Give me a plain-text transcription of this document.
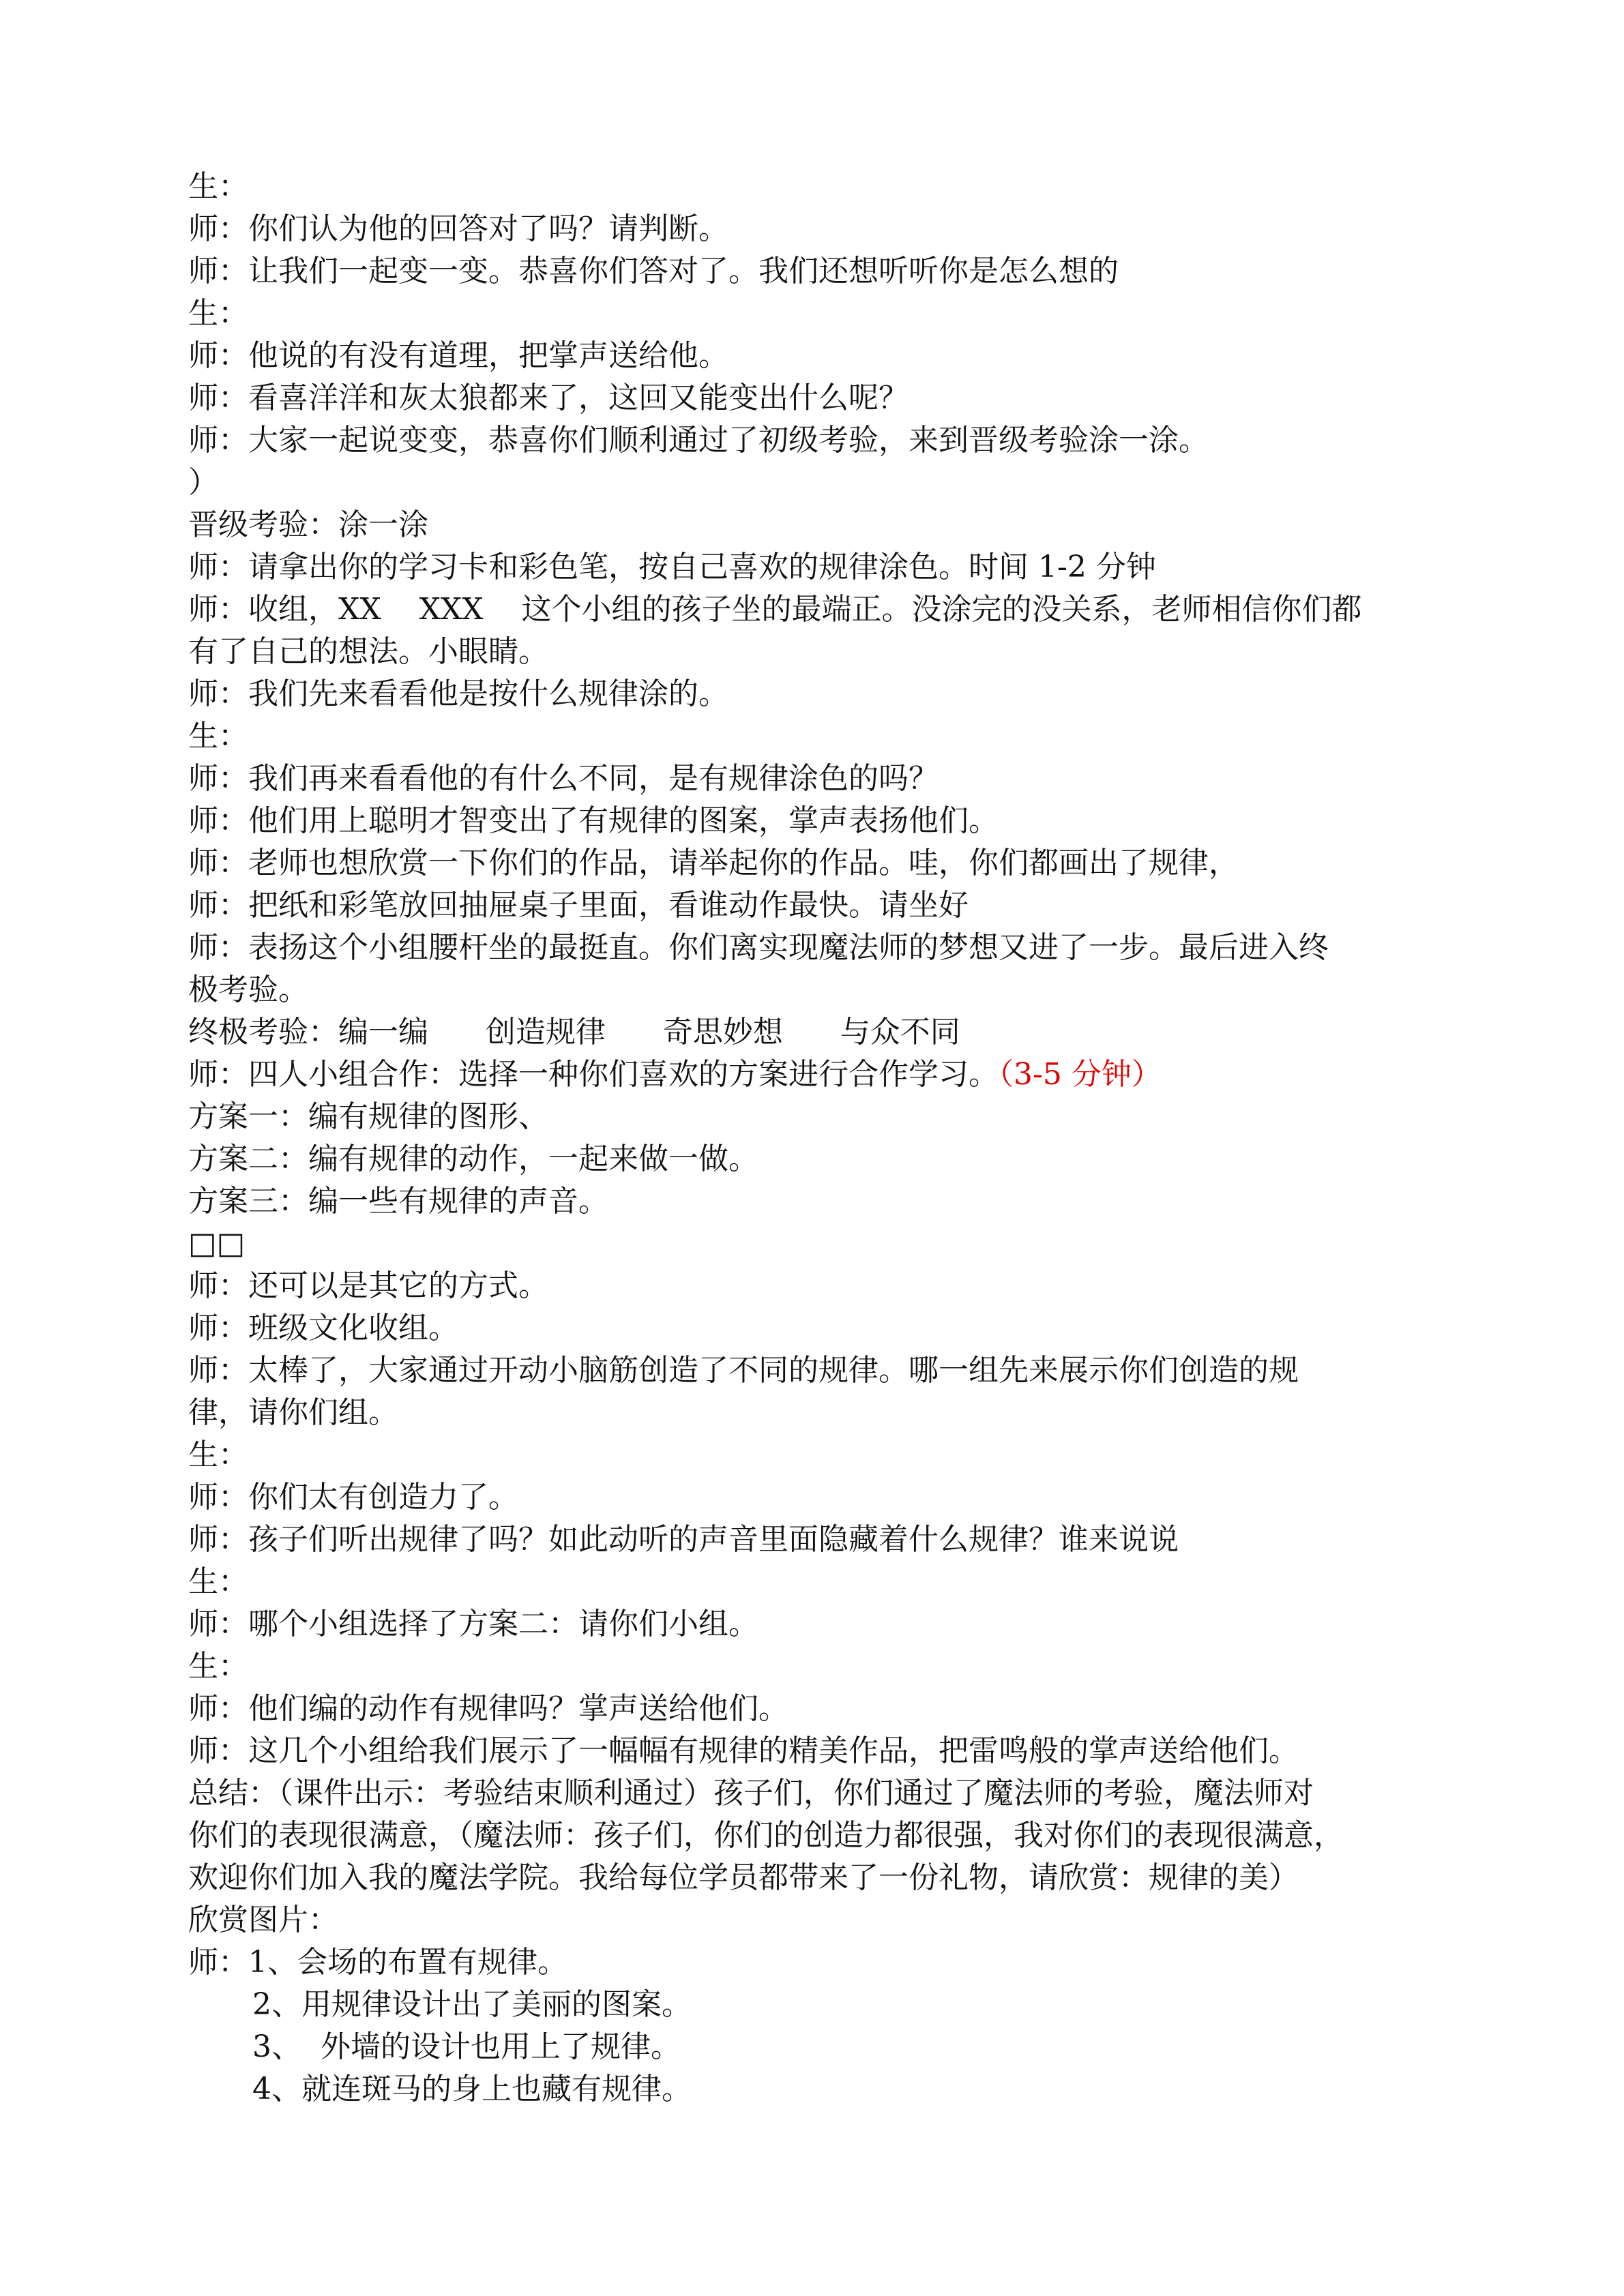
生：
师：你们认为他的回答对了吗？请判断。
师：让我们一起变一变。恭喜你们答对了。我们还想听听你是怎么想的
生：
师：他说的有没有道理，把掌声送给他。
师：看喜洋洋和灰太狼都来了，这回又能变出什么呢？
师：大家一起说变变，恭喜你们顺利通过了初级考验，来到晋级考验涂一涂。
）
晋级考验：涂一涂
师：请拿出你的学习卡和彩色笔，按自己喜欢的规律涂色。时间 1-2 分钟
师：收组，XX    XXX    这个小组的孩子坐的最端正。没涂完的没关系，老师相信你们都
有了自己的想法。小眼睛。
师：我们先来看看他是按什么规律涂的。
生：
师：我们再来看看他的有什么不同，是有规律涂色的吗？
师：他们用上聪明才智变出了有规律的图案，掌声表扬他们。
师：老师也想欣赏一下你们的作品，请举起你的作品。哇，你们都画出了规律，
师：把纸和彩笔放回抽屉桌子里面，看谁动作最快。请坐好
师：表扬这个小组腰杆坐的最挺直。你们离实现魔法师的梦想又进了一步。最后进入终
极考验。
终极考验：编一编      创造规律      奇思妙想      与众不同
师：四人小组合作：选择一种你们喜欢的方案进行合作学习。（3-5 分钟）
方案一：编有规律的图形、
方案二：编有规律的动作，一起来做一做。
方案三：编一些有规律的声音。
□□
师：还可以是其它的方式。
师：班级文化收组。
师：太棒了，大家通过开动小脑筋创造了不同的规律。哪一组先来展示你们创造的规
律，请你们组。
生：
师：你们太有创造力了。
师：孩子们听出规律了吗？如此动听的声音里面隐藏着什么规律？谁来说说
生：
师：哪个小组选择了方案二：请你们小组。
生：
师：他们编的动作有规律吗？掌声送给他们。
师：这几个小组给我们展示了一幅幅有规律的精美作品，把雷鸣般的掌声送给他们。
总结：（课件出示：考验结束顺利通过）孩子们，你们通过了魔法师的考验，魔法师对
你们的表现很满意，（魔法师：孩子们，你们的创造力都很强，我对你们的表现很满意，
欢迎你们加入我的魔法学院。我给每位学员都带来了一份礼物，请欣赏：规律的美）
欣赏图片：
师：1、会场的布置有规律。
2、用规律设计出了美丽的图案。
3、  外墙的设计也用上了规律。
4、就连斑马的身上也藏有规律。
